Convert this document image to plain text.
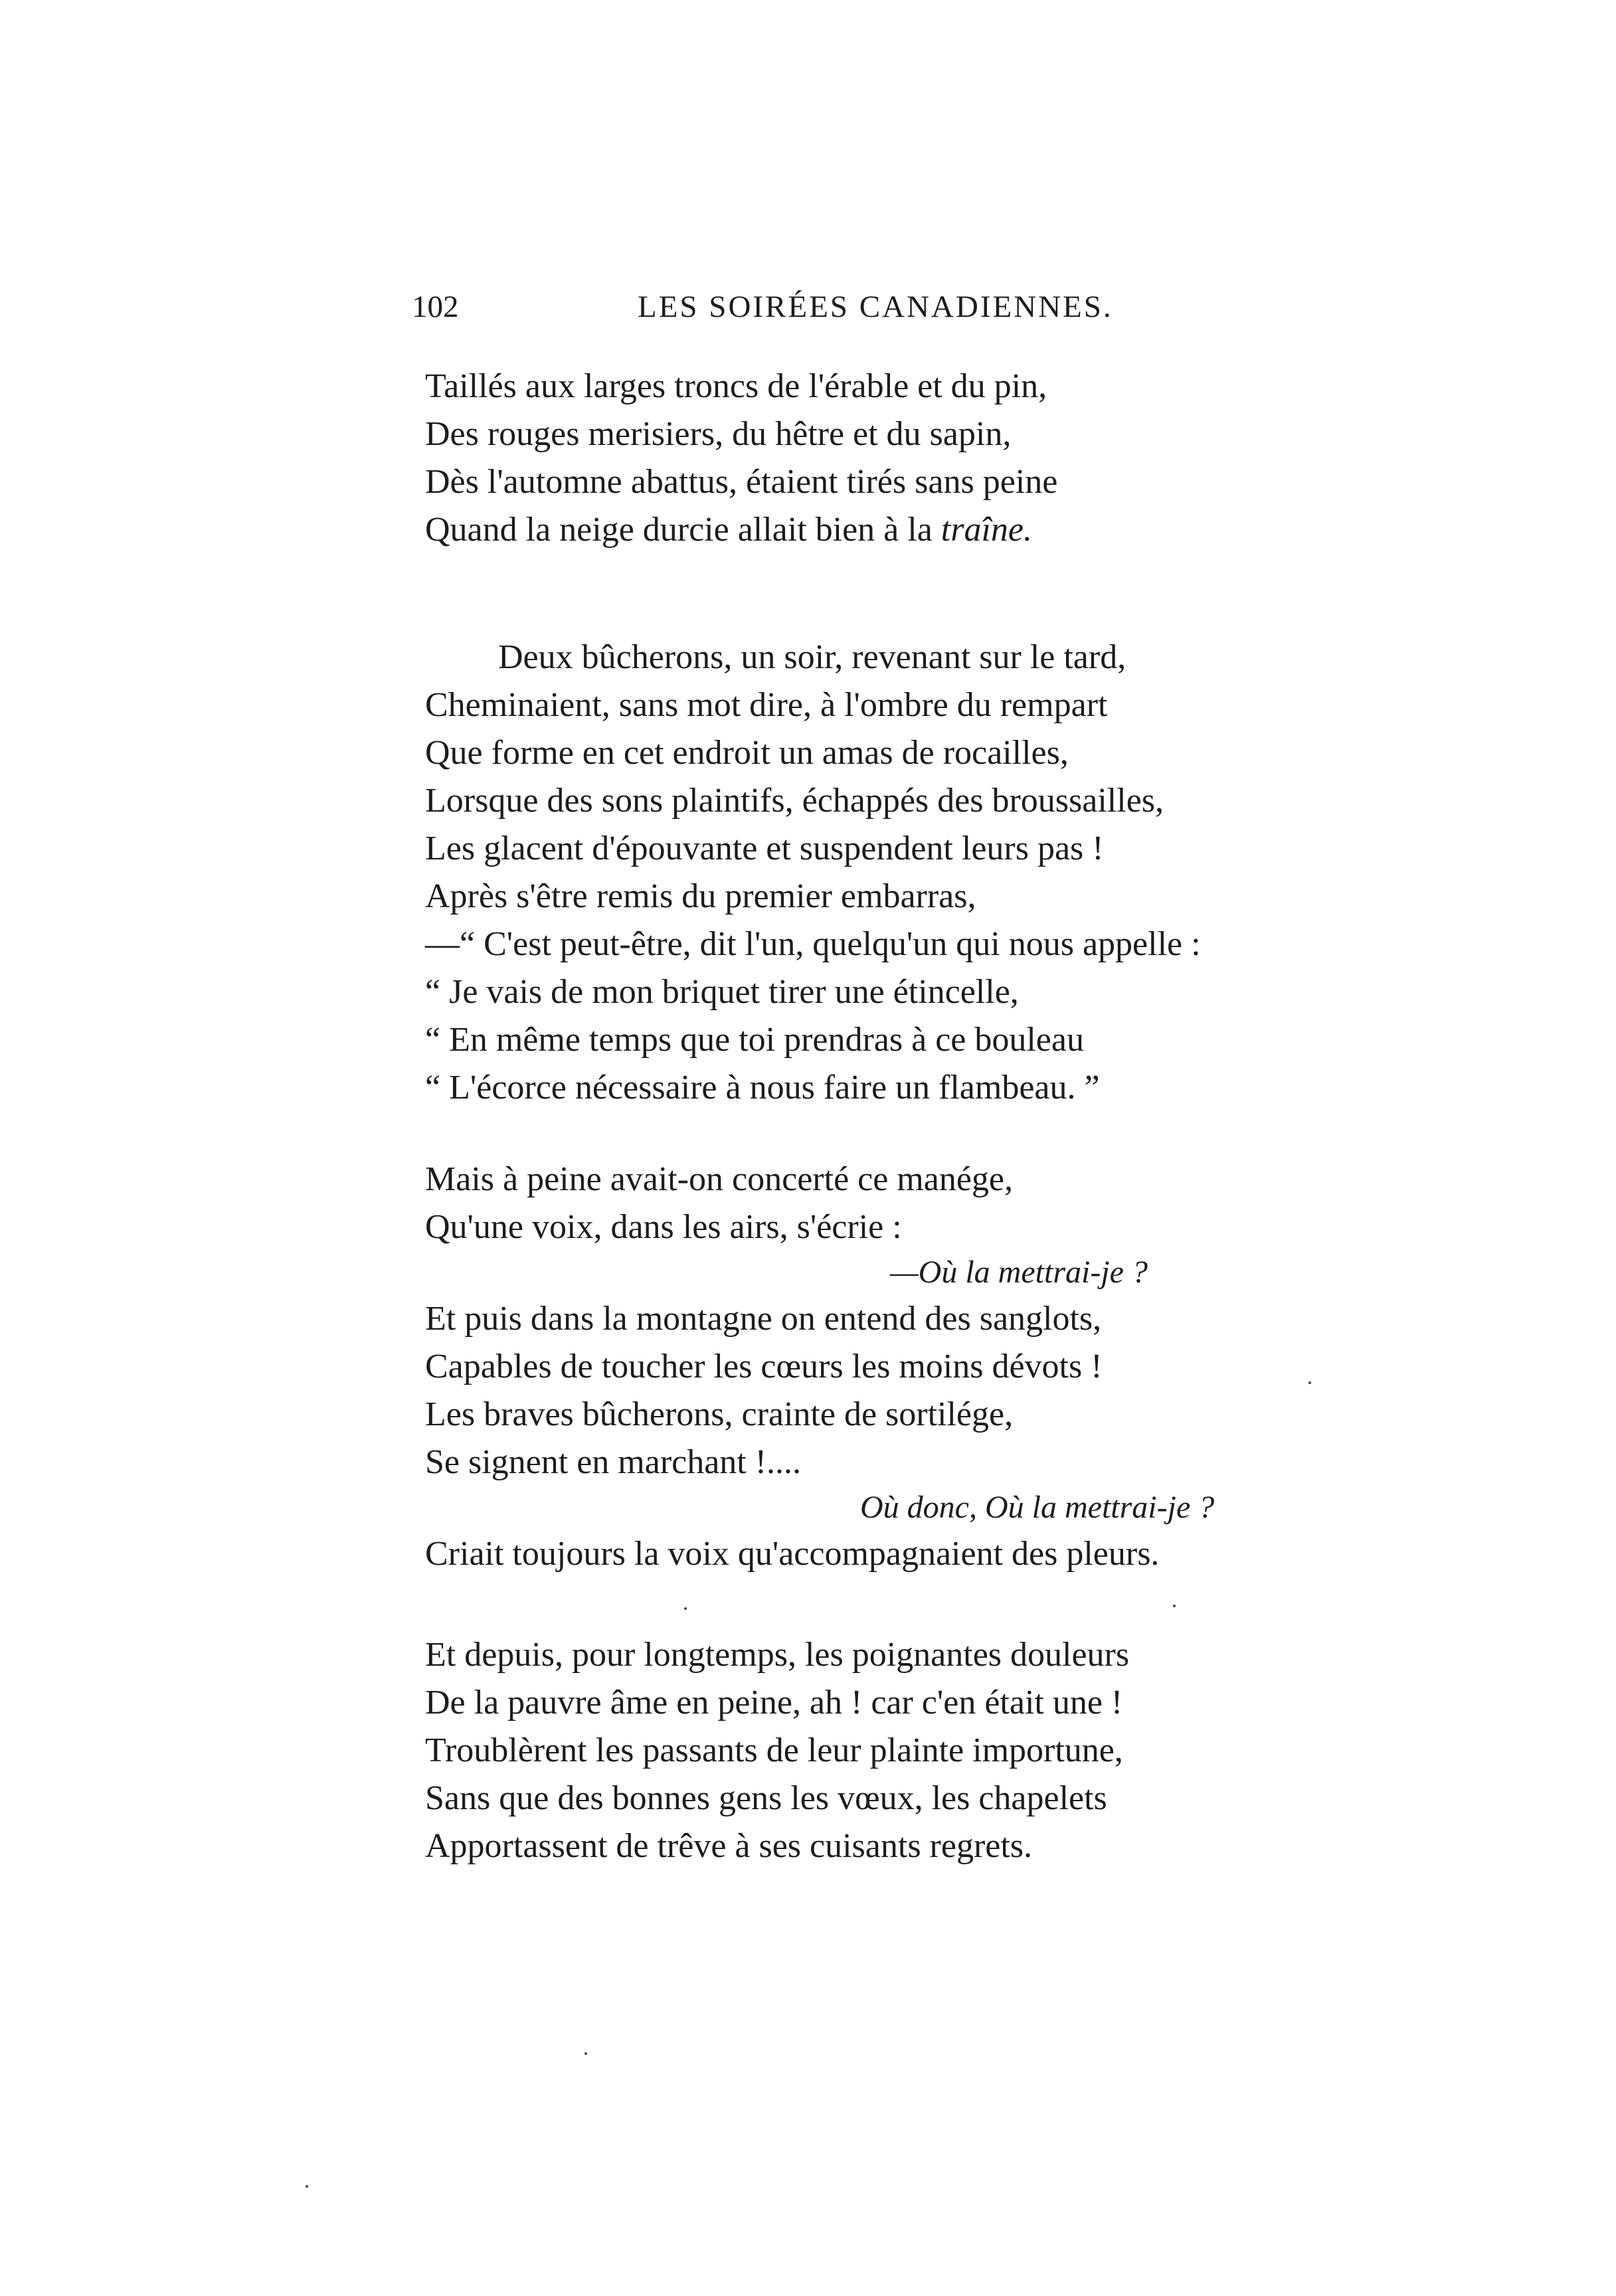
102	LES SOIRÉES CANADIENNES.
Taillés aux larges troncs de l'érable et du pin,
Des rouges merisiers, du hêtre et du sapin,
Dès l'automne abattus, étaient tirés sans peine
Quand la neige durcie allait bien à la traîne.
Deux bûcherons, un soir, revenant sur le tard,
Cheminaient, sans mot dire, à l'ombre du rempart
Que forme en cet endroit un amas de rocailles,
Lorsque des sons plaintifs, échappés des broussailles,
Les glacent d'épouvante et suspendent leurs pas !
Après s'être remis du premier embarras,
—“ C'est peut-être, dit l'un, quelqu'un qui nous appelle :
“ Je vais de mon briquet tirer une étincelle,
“ En même temps que toi prendras à ce bouleau
“ L'écorce nécessaire à nous faire un flambeau. ”
Mais à peine avait-on concerté ce manége,
Qu'une voix, dans les airs, s'écrie :
—Où la mettrai-je ?
Et puis dans la montagne on entend des sanglots,
Capables de toucher les cœurs les moins dévots !
Les braves bûcherons, crainte de sortilége,
Se signent en marchant !....
Où donc, Où la mettrai-je ?
Criait toujours la voix qu'accompagnaient des pleurs.
Et depuis, pour longtemps, les poignantes douleurs
De la pauvre âme en peine, ah ! car c'en était une !
Troublèrent les passants de leur plainte importune,
Sans que des bonnes gens les vœux, les chapelets
Apportassent de trêve à ses cuisants regrets.
